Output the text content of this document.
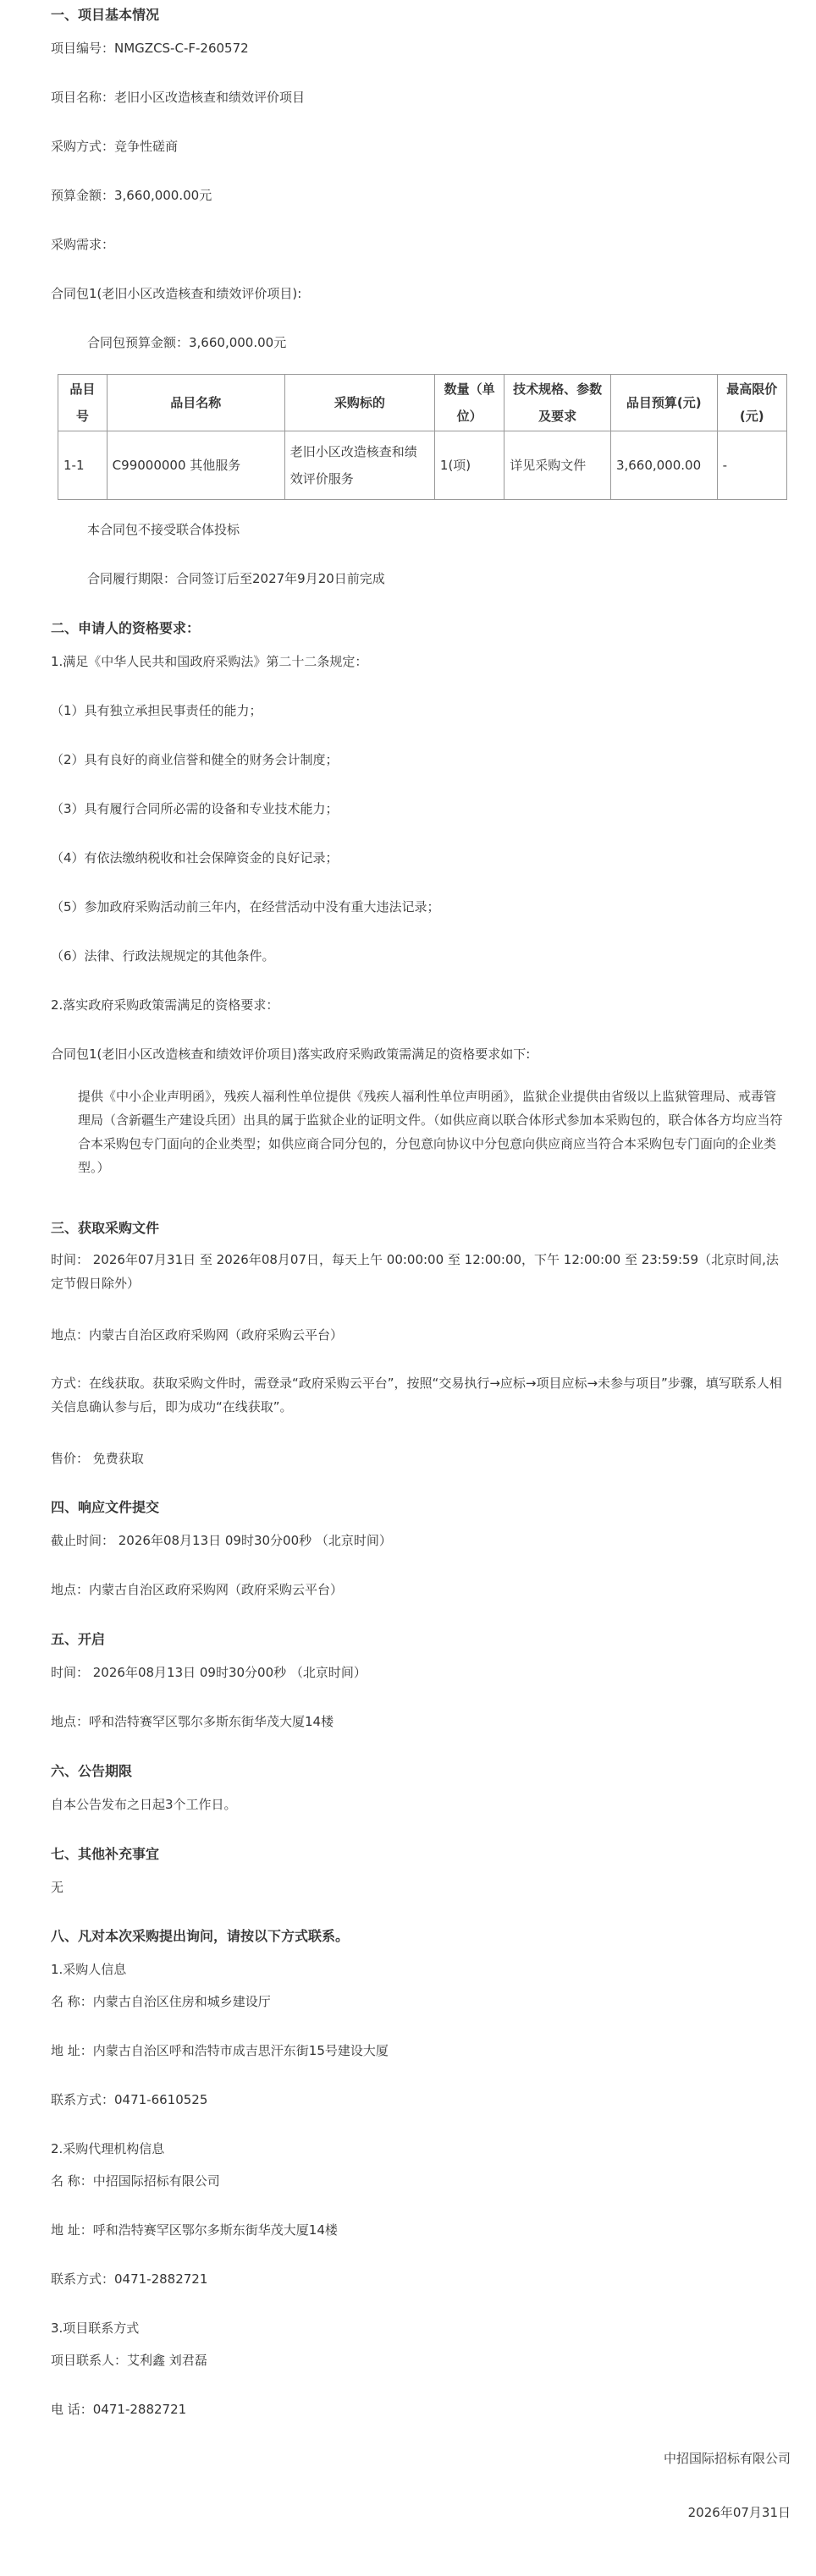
一、项目基本情况
项目编号：NMGZCS-C-F-260572
项目名称：老旧小区改造核查和绩效评价项目
采购方式：竞争性磋商
预算金额：3,660,000.00元
采购需求：
合同包1(老旧小区改造核查和绩效评价项目):
合同包预算金额：3,660,000.00元
品目号	品目名称	采购标的	数量（单位）	技术规格、参数及要求	品目预算(元)	最高限价(元)
1-1	C99000000 其他服务	老旧小区改造核查和绩效评价服务	1(项)	详见采购文件	3,660,000.00	-
本合同包不接受联合体投标
合同履行期限：合同签订后至2027年9月20日前完成
二、申请人的资格要求：
1.满足《中华人民共和国政府采购法》第二十二条规定：
（1）具有独立承担民事责任的能力；
（2）具有良好的商业信誉和健全的财务会计制度；
（3）具有履行合同所必需的设备和专业技术能力；
（4）有依法缴纳税收和社会保障资金的良好记录；
（5）参加政府采购活动前三年内，在经营活动中没有重大违法记录；
（6）法律、行政法规规定的其他条件。
2.落实政府采购政策需满足的资格要求：
合同包1(老旧小区改造核查和绩效评价项目)落实政府采购政策需满足的资格要求如下:
提供《中小企业声明函》，残疾人福利性单位提供《残疾人福利性单位声明函》，监狱企业提供由省级以上监狱管理局、戒毒管理局（含新疆生产建设兵团）出具的属于监狱企业的证明文件。（如供应商以联合体形式参加本采购包的，联合体各方均应当符合本采购包专门面向的企业类型；如供应商合同分包的，分包意向协议中分包意向供应商应当符合本采购包专门面向的企业类型。）
三、获取采购文件
时间： 2026年07月31日 至 2026年08月07日，每天上午 00:00:00 至 12:00:00，下午 12:00:00 至 23:59:59（北京时间,法定节假日除外）
地点：内蒙古自治区政府采购网（政府采购云平台）
方式：在线获取。获取采购文件时，需登录“政府采购云平台”，按照“交易执行→应标→项目应标→未参与项目”步骤，填写联系人相关信息确认参与后，即为成功“在线获取”。
售价： 免费获取
四、响应文件提交
截止时间： 2026年08月13日 09时30分00秒 （北京时间）
地点：内蒙古自治区政府采购网（政府采购云平台）
五、开启
时间： 2026年08月13日 09时30分00秒 （北京时间）
地点：呼和浩特赛罕区鄂尔多斯东街华茂大厦14楼
六、公告期限
自本公告发布之日起3个工作日。
七、其他补充事宜
无
八、凡对本次采购提出询问，请按以下方式联系。
1.采购人信息
名 称：内蒙古自治区住房和城乡建设厅
地 址：内蒙古自治区呼和浩特市成吉思汗东街15号建设大厦
联系方式：0471-6610525
2.采购代理机构信息
名 称：中招国际招标有限公司
地 址：呼和浩特赛罕区鄂尔多斯东街华茂大厦14楼
联系方式：0471-2882721
3.项目联系方式
项目联系人：艾利鑫 刘君磊
电 话：0471-2882721
中招国际招标有限公司
2026年07月31日
